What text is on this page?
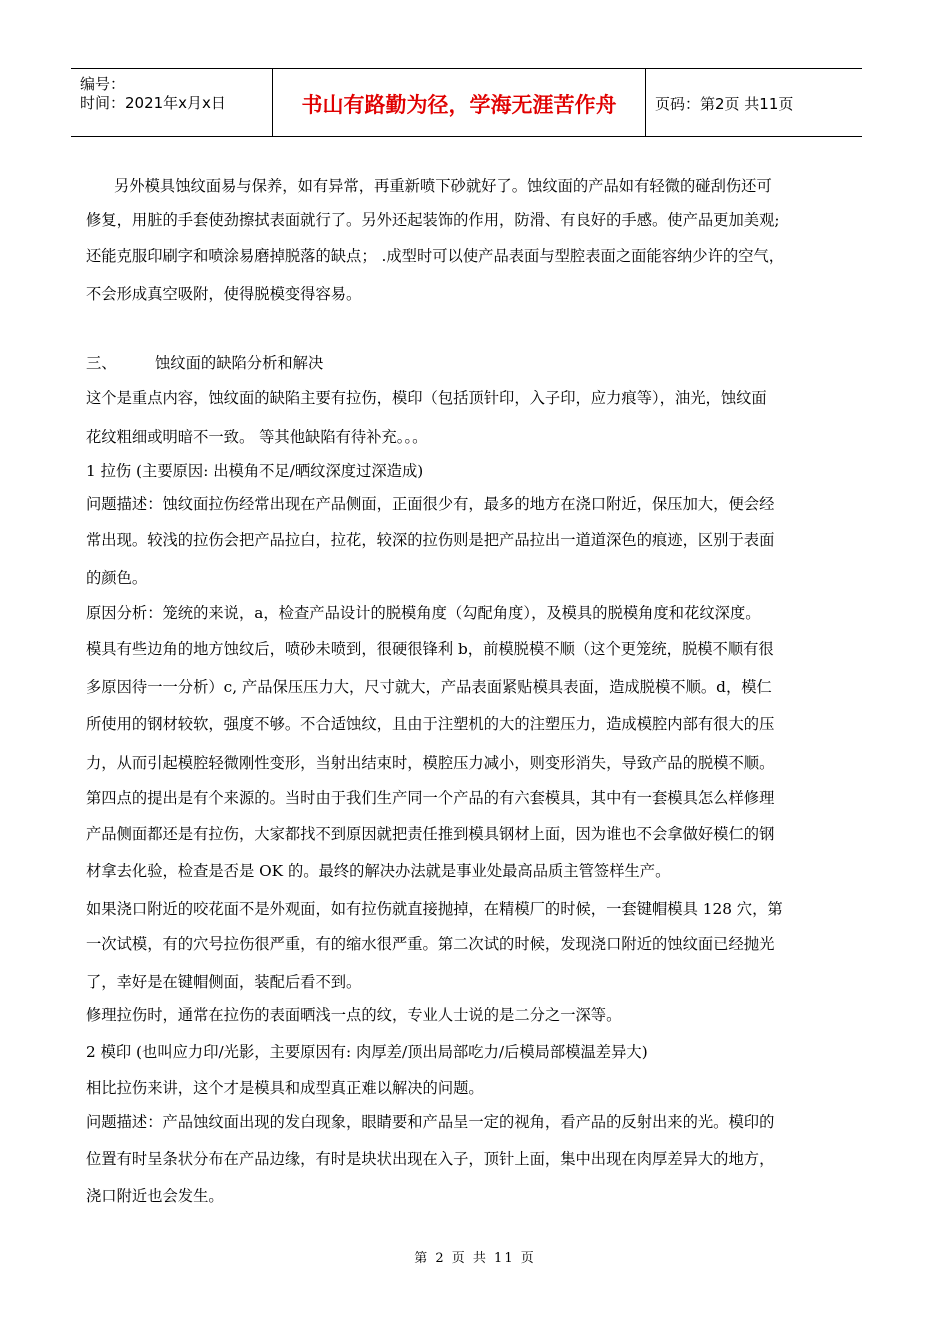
编号：
时间：2021年x月x日	书山有路勤为径，学海无涯苦作舟	页码：第2页 共11页
另外模具蚀纹面易与保养，如有异常，再重新喷下砂就好了。蚀纹面的产品如有轻微的碰刮伤还可
修复，用脏的手套使劲擦拭表面就行了。另外还起装饰的作用，防滑、有良好的手感。使产品更加美观;
还能克服印刷字和喷涂易磨掉脱落的缺点； .成型时可以使产品表面与型腔表面之面能容纳少许的空气，
不会形成真空吸附，使得脱模变得容易。
三、	蚀纹面的缺陷分析和解决
这个是重点内容，蚀纹面的缺陷主要有拉伤，模印（包括顶针印，入子印，应力痕等），油光，蚀纹面
花纹粗细或明暗不一致。 等其他缺陷有待补充。。。
1 拉伤 (主要原因: 出模角不足/晒纹深度过深造成)
问题描述：蚀纹面拉伤经常出现在产品侧面，正面很少有，最多的地方在浇口附近，保压加大，便会经
常出现。较浅的拉伤会把产品拉白，拉花，较深的拉伤则是把产品拉出一道道深色的痕迹，区别于表面
的颜色。
原因分析：笼统的来说，a，检查产品设计的脱模角度（勾配角度），及模具的脱模角度和花纹深度。
模具有些边角的地方蚀纹后，喷砂未喷到，很硬很锋利 b，前模脱模不顺（这个更笼统，脱模不顺有很
多原因待一一分析）c, 产品保压压力大，尺寸就大，产品表面紧贴模具表面，造成脱模不顺。d，模仁
所使用的钢材较软，强度不够。不合适蚀纹，且由于注塑机的大的注塑压力，造成模腔内部有很大的压
力，从而引起模腔轻微刚性变形，当射出结束时，模腔压力减小，则变形消失，导致产品的脱模不顺。
第四点的提出是有个来源的。当时由于我们生产同一个产品的有六套模具，其中有一套模具怎么样修理
产品侧面都还是有拉伤，大家都找不到原因就把责任推到模具钢材上面，因为谁也不会拿做好模仁的钢
材拿去化验，检查是否是 OK 的。最终的解决办法就是事业处最高品质主管签样生产。
如果浇口附近的咬花面不是外观面，如有拉伤就直接抛掉，在精模厂的时候，一套键帽模具 128 穴，第
一次试模，有的穴号拉伤很严重，有的缩水很严重。第二次试的时候，发现浇口附近的蚀纹面已经抛光
了，幸好是在键帽侧面，装配后看不到。
修理拉伤时，通常在拉伤的表面晒浅一点的纹，专业人士说的是二分之一深等。
2 模印 (也叫应力印/光影，主要原因有: 肉厚差/顶出局部吃力/后模局部模温差异大)
相比拉伤来讲，这个才是模具和成型真正难以解决的问题。
问题描述：产品蚀纹面出现的发白现象，眼睛要和产品呈一定的视角，看产品的反射出来的光。模印的
位置有时呈条状分布在产品边缘，有时是块状出现在入子，顶针上面，集中出现在肉厚差异大的地方，
浇口附近也会发生。
第 2 页 共 11 页
